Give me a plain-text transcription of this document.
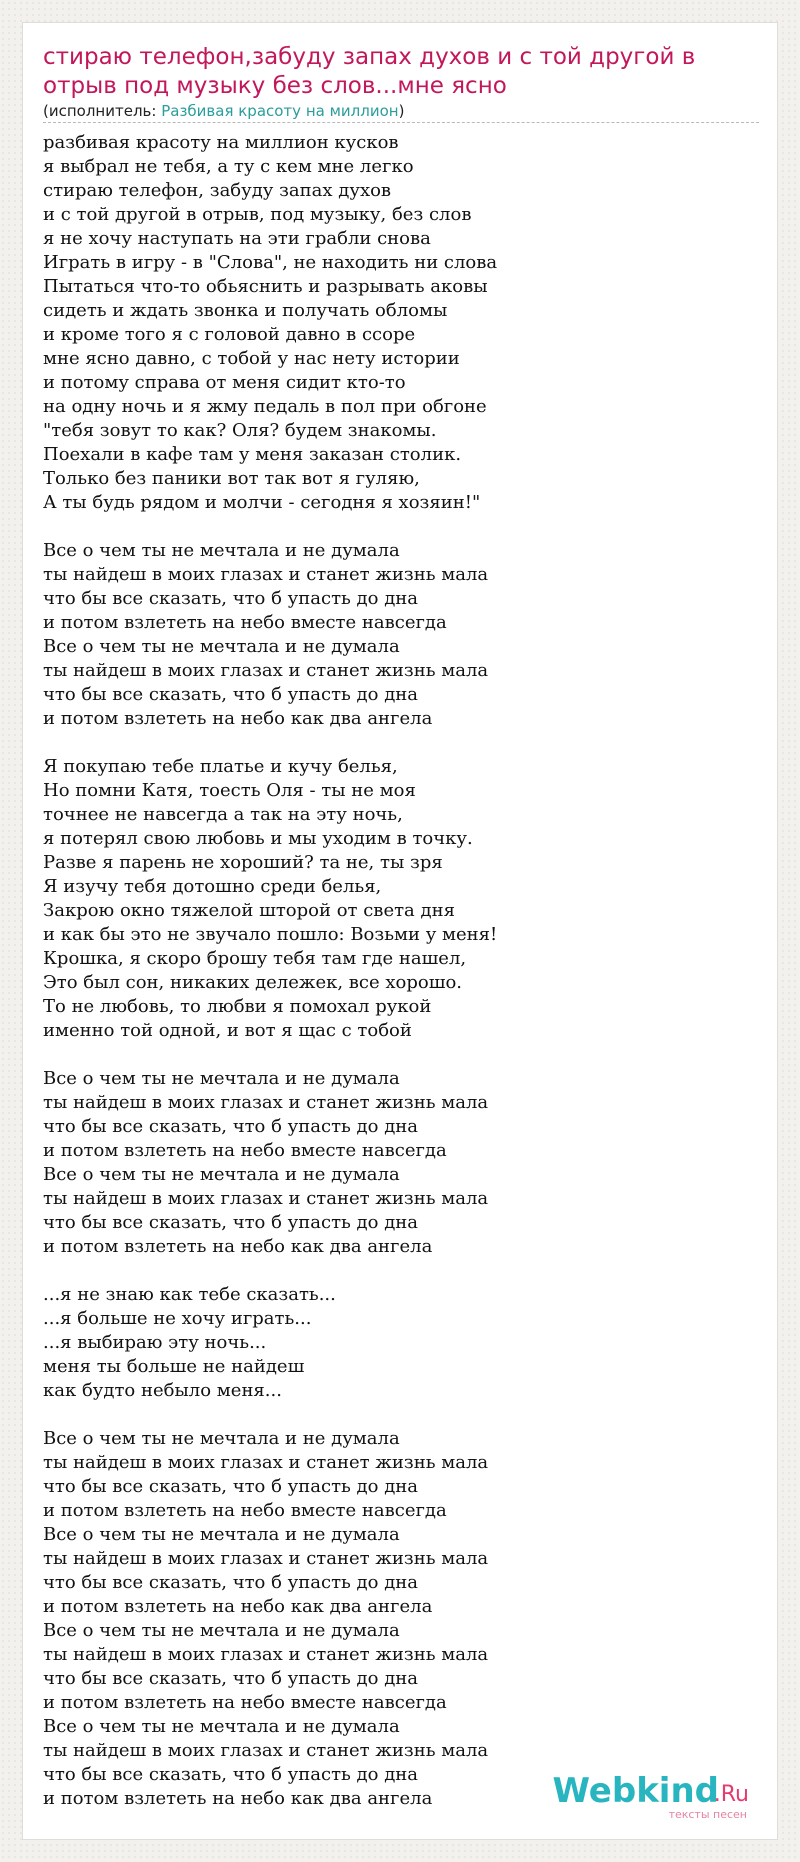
стираю телефон,забуду запах духов и с той другой в отрыв под музыку без слов...мне ясно
(исполнитель: Разбивая красоту на миллион)
разбивая красоту на миллион кусков
я выбрал не тебя, а ту с кем мне легко
стираю телефон, забуду запах духов
и с той другой в отрыв, под музыку, без слов
я не хочу наступать на эти грабли снова
Играть в игру - в "Слова", не находить ни слова
Пытаться что-то обьяснить и разрывать аковы
сидеть и ждать звонка и получать обломы
и кроме того я с головой давно в ссоре
мне ясно давно, с тобой у нас нету истории
и потому справа от меня сидит кто-то
на одну ночь и я жму педаль в пол при обгоне
"тебя зовут то как? Оля? будем знакомы.
Поехали в кафе там у меня заказан столик.
Только без паники вот так вот я гуляю,
А ты будь рядом и молчи - сегодня я хозяин!"
Все о чем ты не мечтала и не думала
ты найдеш в моих глазах и станет жизнь мала
что бы все сказать, что б упасть до дна
и потом взлететь на небо вместе навсегда
Все о чем ты не мечтала и не думала
ты найдеш в моих глазах и станет жизнь мала
что бы все сказать, что б упасть до дна
и потом взлететь на небо как два ангела
Я покупаю тебе платье и кучу белья,
Но помни Катя, тоесть Оля - ты не моя
точнее не навсегда а так на эту ночь,
я потерял свою любовь и мы уходим в точку.
Разве я парень не хороший? та не, ты зря
Я изучу тебя дотошно среди белья,
Закрою окно тяжелой шторой от света дня
и как бы это не звучало пошло: Возьми у меня!
Крошка, я скоро брошу тебя там где нашел,
Это был сон, никаких дележек, все хорошо.
То не любовь, то любви я помохал рукой
именно той одной, и вот я щас с тобой
Все о чем ты не мечтала и не думала
ты найдеш в моих глазах и станет жизнь мала
что бы все сказать, что б упасть до дна
и потом взлететь на небо вместе навсегда
Все о чем ты не мечтала и не думала
ты найдеш в моих глазах и станет жизнь мала
что бы все сказать, что б упасть до дна
и потом взлететь на небо как два ангела
...я не знаю как тебе сказать...
...я больше не хочу играть...
...я выбираю эту ночь...
меня ты больше не найдеш
как будто небыло меня...
Все о чем ты не мечтала и не думала
ты найдеш в моих глазах и станет жизнь мала
что бы все сказать, что б упасть до дна
и потом взлететь на небо вместе навсегда
Все о чем ты не мечтала и не думала
ты найдеш в моих глазах и станет жизнь мала
что бы все сказать, что б упасть до дна
и потом взлететь на небо как два ангела
Все о чем ты не мечтала и не думала
ты найдеш в моих глазах и станет жизнь мала
что бы все сказать, что б упасть до дна
и потом взлететь на небо вместе навсегда
Все о чем ты не мечтала и не думала
ты найдеш в моих глазах и станет жизнь мала
что бы все сказать, что б упасть до дна
и потом взлететь на небо как два ангела	Webkind
.Ru
тексты песен
